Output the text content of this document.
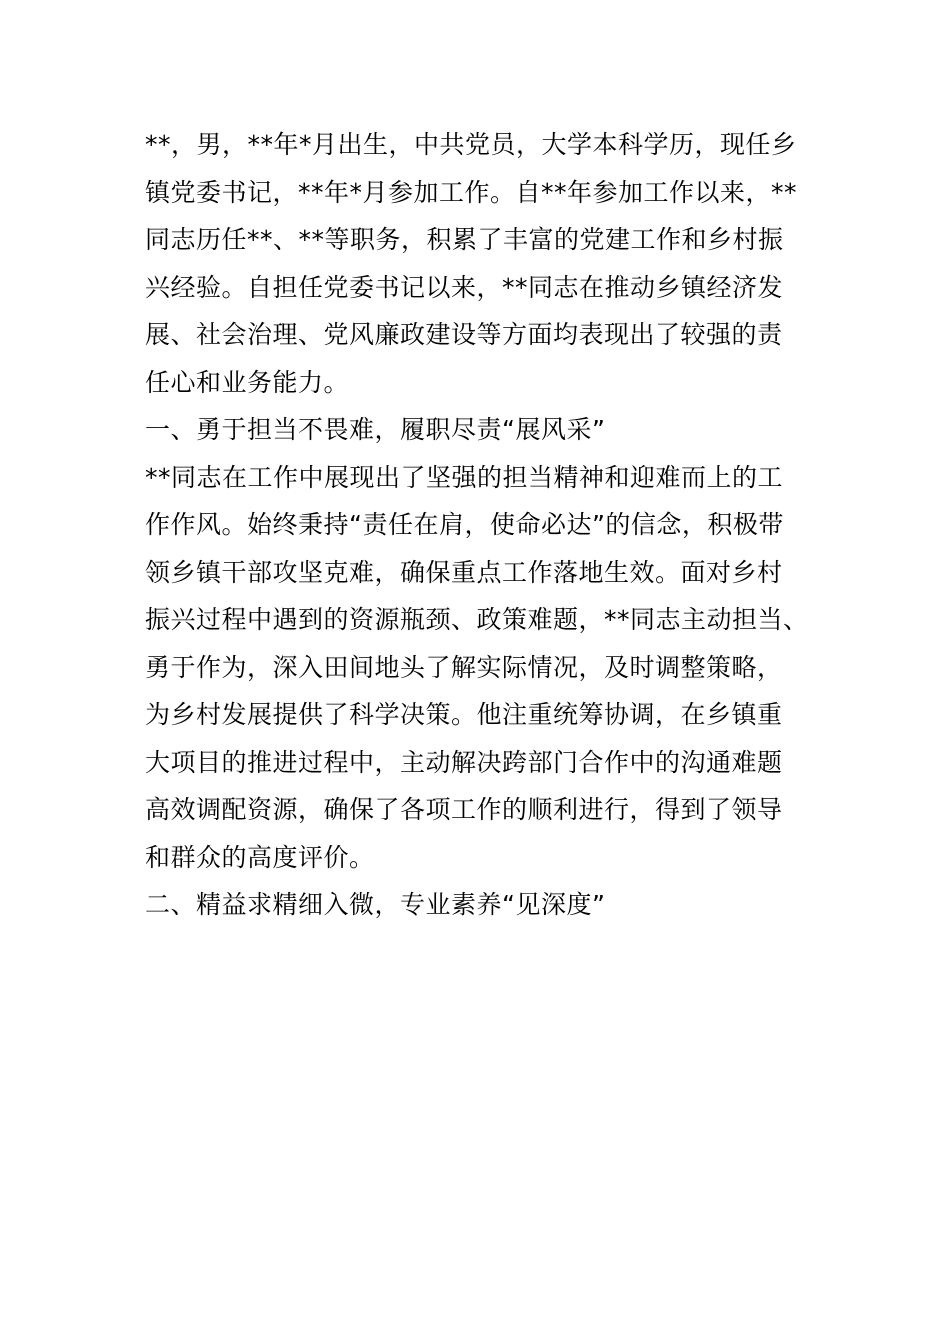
**，男，**年*月出生，中共党员，大学本科学历，现任乡
镇党委书记，**年*月参加工作。自**年参加工作以来，**
同志历任**、**等职务，积累了丰富的党建工作和乡村振
兴经验。自担任党委书记以来，**同志在推动乡镇经济发
展、社会治理、党风廉政建设等方面均表现出了较强的责
任心和业务能力。
一、勇于担当不畏难，履职尽责“展风采”
**同志在工作中展现出了坚强的担当精神和迎难而上的工
作作风。始终秉持“责任在肩，使命必达”的信念，积极带
领乡镇干部攻坚克难，确保重点工作落地生效。面对乡村
振兴过程中遇到的资源瓶颈、政策难题，**同志主动担当、
勇于作为，深入田间地头了解实际情况，及时调整策略，
为乡村发展提供了科学决策。他注重统筹协调，在乡镇重
大项目的推进过程中，主动解决跨部门合作中的沟通难题
高效调配资源，确保了各项工作的顺利进行，得到了领导
和群众的高度评价。
二、精益求精细入微，专业素养“见深度”
